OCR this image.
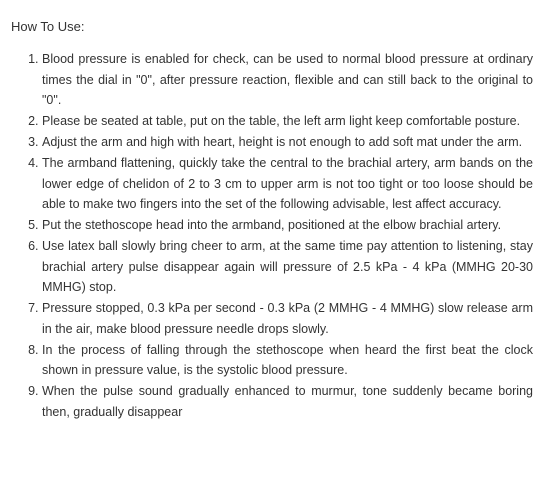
How To Use:
1. Blood pressure is enabled for check, can be used to normal blood pressure at ordinary times the dial in "0", after pressure reaction, flexible and can still back to the original to "0".
2. Please be seated at table, put on the table, the left arm light keep comfortable posture.
3. Adjust the arm and high with heart, height is not enough to add soft mat under the arm.
4. The armband flattening, quickly take the central to the brachial artery, arm bands on the lower edge of chelidon of 2 to 3 cm to upper arm is not too tight or too loose should be able to make two fingers into the set of the following advisable, lest affect accuracy.
5. Put the stethoscope head into the armband, positioned at the elbow brachial artery.
6. Use latex ball slowly bring cheer to arm, at the same time pay attention to listening, stay brachial artery pulse disappear again will pressure of 2.5 kPa - 4 kPa (MMHG 20-30 MMHG) stop.
7. Pressure stopped, 0.3 kPa per second - 0.3 kPa (2 MMHG - 4 MMHG) slow release arm in the air, make blood pressure needle drops slowly.
8. In the process of falling through the stethoscope when heard the first beat the clock shown in pressure value, is the systolic blood pressure.
9. When the pulse sound gradually enhanced to murmur, tone suddenly became boring then, gradually disappear
